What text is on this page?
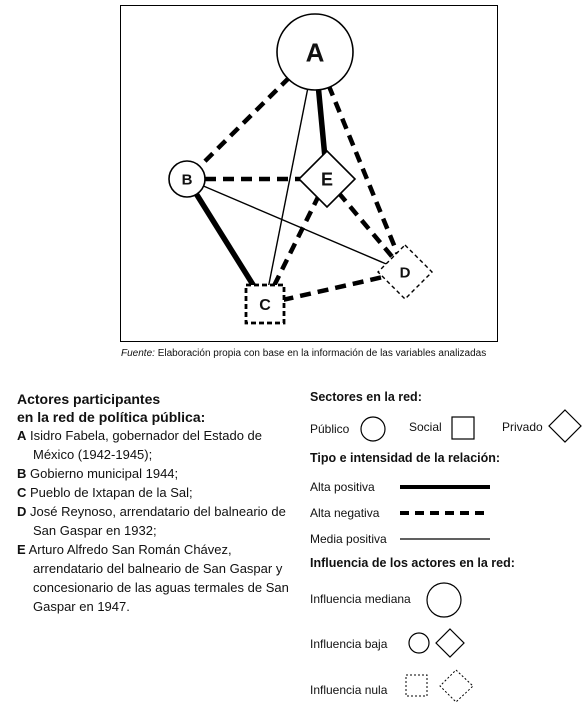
A
B
C
D
E
Fuente: Elaboración propia con base en la información de las variables analizadas
Actores participantes
en la red de política pública:
A Isidro Fabela, gobernador del Estado de México (1942-1945);
B Gobierno municipal 1944;
C Pueblo de Ixtapan de la Sal;
D José Reynoso, arrendatario del balneario de San Gaspar en 1932;
E Arturo Alfredo San Román Chávez, arrendatario del balneario de San Gaspar y concesionario de las aguas termales de San Gaspar en 1947.
Sectores en la red:
Público	Social	Privado
Tipo e intensidad de la relación:
Alta positiva
Alta negativa
Media positiva
Influencia de los actores en la red:
Influencia mediana
Influencia baja
Influencia nula
